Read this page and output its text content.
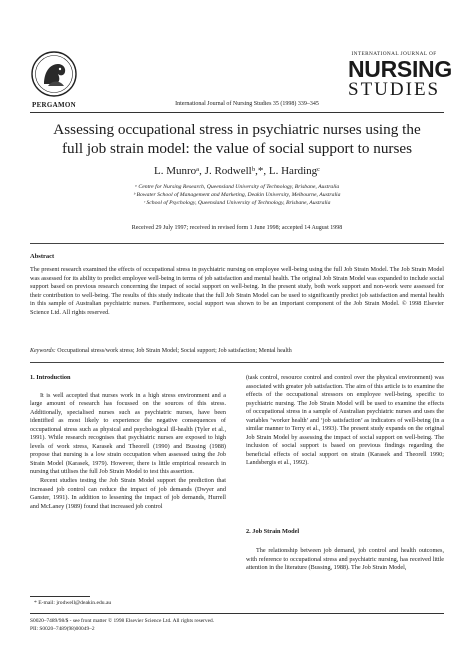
PERGAMON	International Journal of Nursing Studies 35 (1998) 339–345
INTERNATIONAL JOURNAL OF
NURSING
STUDIES
Assessing occupational stress in psychiatric nurses using the
full job strain model: the value of social support to nurses
L. Munroᵃ, J. Rodwellᵇ,*, L. Hardingᶜ
ᵃ Centre for Nursing Research, Queensland University of Technology, Brisbane, Australia
ᵇ Bowater School of Management and Marketing, Deakin University, Melbourne, Australia
ᶜ School of Psychology, Queensland University of Technology, Brisbane, Australia
Received 29 July 1997; received in revised form 1 June 1998; accepted 14 August 1998
Abstract
The present research examined the effects of occupational stress in psychiatric nursing on employee well-being using the full Job Strain Model. The Job Strain Model was assessed for its ability to predict employee well-being in terms of job satisfaction and mental health. The original Job Strain Model was expanded to include social support based on previous research concerning the impact of social support on well-being. In the present study, both work support and non-work were assessed for their contribution to well-being. The results of this study indicate that the full Job Strain Model can be used to significantly predict job satisfaction and mental health in this sample of Australian psychiatric nurses. Furthermore, social support was shown to be an important component of the Job Strain Model. © 1998 Elsevier Science Ltd. All rights reserved.
Keywords: Occupational stress/work stress; Job Strain Model; Social support; Job satisfaction; Mental health
1. Introduction
It is well accepted that nurses work in a high stress environment and a large amount of research has focussed on the sources of this stress. Additionally, specialised nurses such as psychiatric nurses, have been identified as most likely to experience the negative consequences of occupational stress such as physical and psychological ill-health (Tyler et al., 1991). While research recognises that psychiatric nurses are exposed to high levels of work stress, Karasek and Theorell (1990) and Bussing (1988) propose that nursing is a low strain occupation when assessed using the Job Strain Model (Karasek, 1979). However, there is little empirical research in nursing that utilises the full Job Strain Model to test this assertion.
Recent studies testing the Job Strain Model support the prediction that increased job control can reduce the impact of job demands (Dwyer and Ganster, 1991). In addition to lessening the impact of job demands, Hurrell and McLaney (1989) found that increased job control
(task control, resource control and control over the physical environment) was associated with greater job satisfaction. The aim of this article is to examine the effects of the occupational stressors on employee well-being, specific to psychiatric nursing. The Job Strain Model will be used to examine the effects of occupational stress in a sample of Australian psychiatric nurses and uses the variables ‘worker health’ and ‘job satisfaction’ as indicators of well-being (in a similar manner to Terry et al., 1993). The present study expands on the original Job Strain Model by assessing the impact of social support on well-being. The inclusion of social support is based on previous findings regarding the beneficial effects of social support on strain (Karasek and Theorell 1990; Landsbergis et al., 1992).
2. Job Strain Model
The relationship between job demand, job control and health outcomes, with reference to occupational stress and psychiatric nursing, has received little attention in the literature (Bussing, 1988). The Job Strain Model,
* E-mail: jrodwell@deakin.edu.au
S0020–7489/98/$ - see front matter © 1998 Elsevier Science Ltd. All rights reserved.
PII: S0020–7489(98)00049–2
